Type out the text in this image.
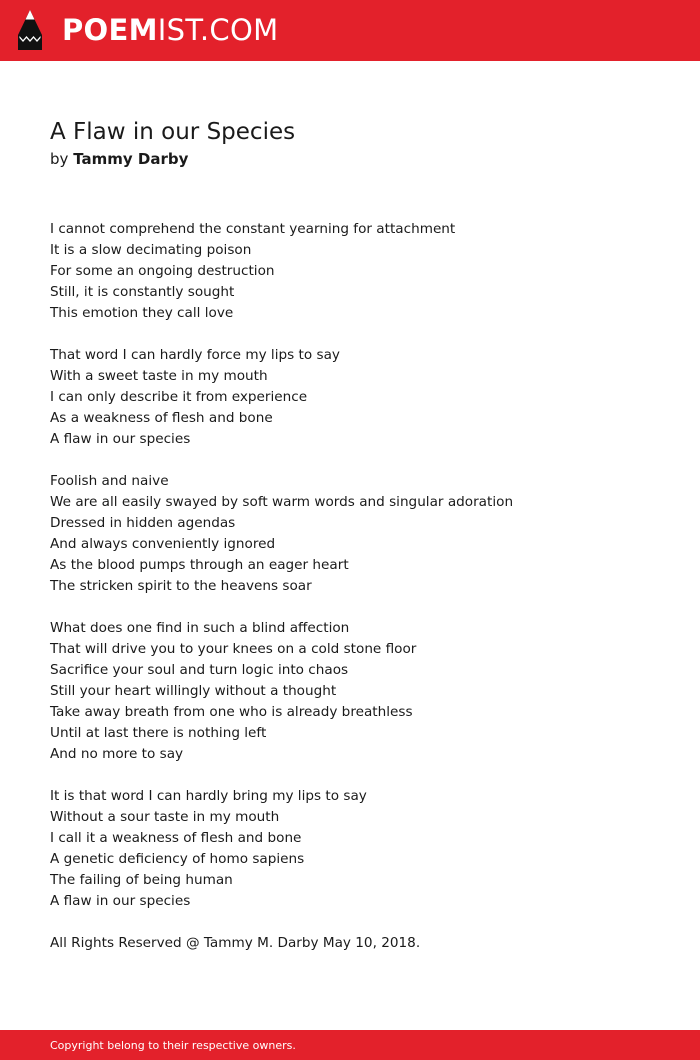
POEMIST.COM
A Flaw in our Species
by Tammy Darby
I cannot comprehend the constant yearning for attachment
It is a slow decimating poison
For some an ongoing destruction
Still, it is constantly sought
This emotion they call love
That word I can hardly force my lips to say
With a sweet taste in my mouth
I can only describe it from experience
As a weakness of flesh and bone
A flaw in our species
Foolish and naive
We are all easily swayed by soft warm words and singular adoration
Dressed in hidden agendas
And always conveniently ignored
As the blood pumps through an eager heart
The stricken spirit to the heavens soar
What does one find in such a blind affection
That will drive you to your knees on a cold stone floor
Sacrifice your soul and turn logic into chaos
Still your heart willingly without a thought
Take away breath from one who is already breathless
Until at last there is nothing left
And no more to say
It is that word I can hardly bring my lips to say
Without a sour taste in my mouth
I call it a weakness of flesh and bone
A genetic deficiency of homo sapiens
The failing of being human
A flaw in our species
All Rights Reserved @ Tammy M. Darby May 10, 2018.
Copyright belong to their respective owners.
